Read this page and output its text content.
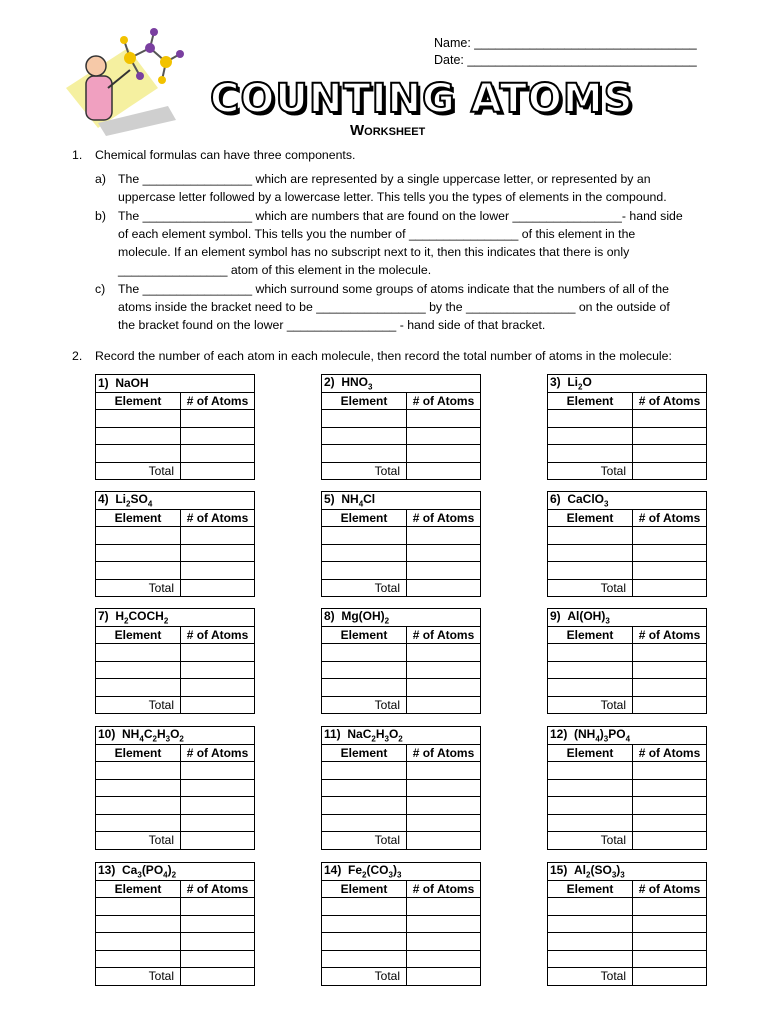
Name: ________________________________
Date: _________________________________
COUNTING ATOMS
Worksheet
1. Chemical formulas can have three components.
a) The ________________ which are represented by a single uppercase letter, or represented by an
uppercase letter followed by a lowercase letter. This tells you the types of elements in the compound.
b) The ________________ which are numbers that are found on the lower ________________- hand side
of each element symbol. This tells you the number of ________________ of this element in the
molecule. If an element symbol has no subscript next to it, then this indicates that there is only
________________ atom of this element in the molecule.
c) The ________________ which surround some groups of atoms indicate that the numbers of all of the
atoms inside the bracket need to be ________________ by the ________________ on the outside of
the bracket found on the lower ________________ - hand side of that bracket.
2. Record the number of each atom in each molecule, then record the total number of atoms in the molecule:
1) NaOH	
Element	# of Atoms

Total	
2) $HNO_3$
Element	# of Atoms

Total	
3) $Li_2O$	
Element	# of Atoms

Total	
4) $Li_2SO_4$
Element	# of Atoms

Total	
5) $NH_4Cl$	
Element	# of Atoms

Total	
6) CaClO$_3$
Element	# of Atoms

Total	
7) $H_2COCH_2$
Element	# of Atoms

Total	
8) $Mg(OH)_2$
Element	# of Atoms

Total	
9) $Al(OH)_3$
Element	# of Atoms

Total	
10) $NH_4C_2H_3O_2$
Element	# of Atoms

Total	
11) $NaC_2H_3O_2$
Element	# of Atoms

Total	
12) $(NH_4)_3PO_4$
Element	# of Atoms

Total	
13) $Ca_3(PO_4)_2$
Element	# of Atoms

Total	
14) $Fe_2(CO_3)_3$
Element	# of Atoms

Total	
15) $Al_2(SO_3)_3$
Element	# of Atoms

Total	
